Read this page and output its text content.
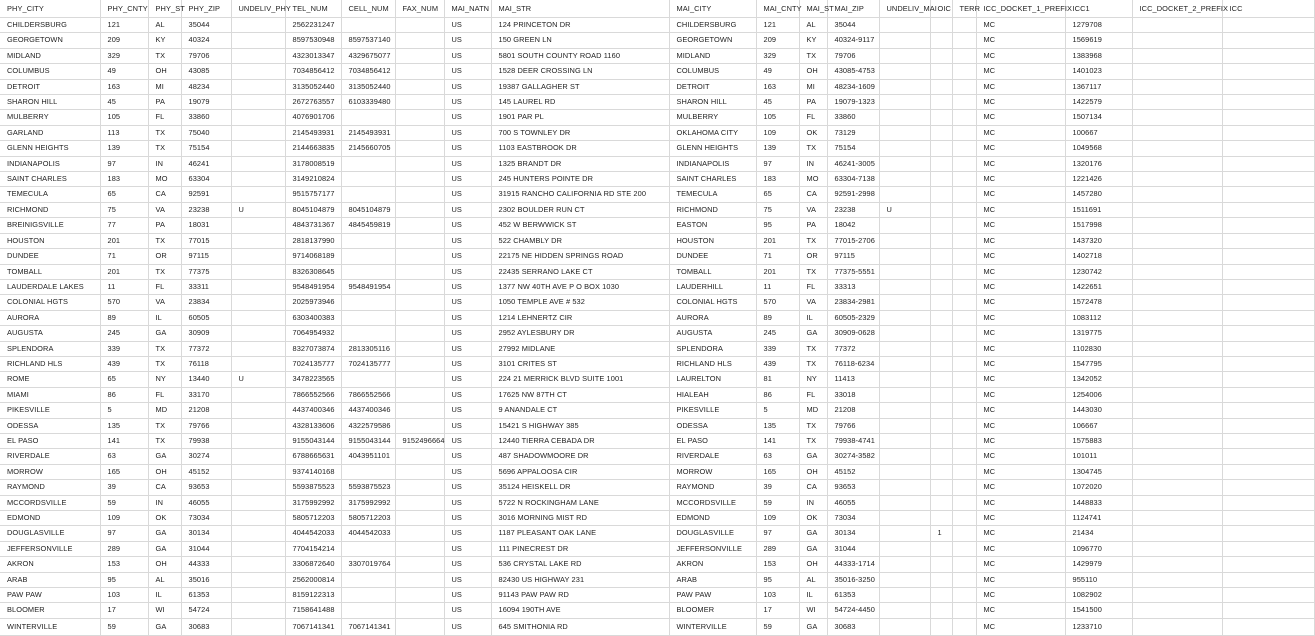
PHY_CITY	PHY_CNTY	PHY_ST	PHY_ZIP	UNDELIV_PHY	TEL_NUM	CELL_NUM	FAX_NUM	MAI_NATN	MAI_STR	MAI_CITY	MAI_CNTY	MAI_ST	MAI_ZIP	UNDELIV_MAI	OIC	TERR	ICC_DOCKET_1_PREFIX	ICC1	ICC_DOCKET_2_PREFIX	ICC
CHILDERSBURG	121	AL	35044		2562231247			US	124 PRINCETON DR	CHILDERSBURG	121	AL	35044				MC	1279708		
GEORGETOWN	209	KY	40324		8597530948	8597537140		US	150 GREEN LN	GEORGETOWN	209	KY	40324-9117				MC	1569619		
MIDLAND	329	TX	79706		4323013347	4329675077		US	5801 SOUTH COUNTY ROAD 1160	MIDLAND	329	TX	79706				MC	1383968		
COLUMBUS	49	OH	43085		7034856412	7034856412		US	1528 DEER CROSSING LN	COLUMBUS	49	OH	43085-4753				MC	1401023		
DETROIT	163	MI	48234		3135052440	3135052440		US	19387 GALLAGHER ST	DETROIT	163	MI	48234-1609				MC	1367117		
SHARON HILL	45	PA	19079		2672763557	6103339480		US	145 LAUREL RD	SHARON HILL	45	PA	19079-1323				MC	1422579		
MULBERRY	105	FL	33860		4076901706			US	1901 PAR PL	MULBERRY	105	FL	33860				MC	1507134		
GARLAND	113	TX	75040		2145493931	2145493931		US	700 S TOWNLEY DR	OKLAHOMA CITY	109	OK	73129				MC	100667		
GLENN HEIGHTS	139	TX	75154		2144663835	2145660705		US	1103 EASTBROOK DR	GLENN HEIGHTS	139	TX	75154				MC	1049568		
INDIANAPOLIS	97	IN	46241		3178008519			US	1325 BRANDT DR	INDIANAPOLIS	97	IN	46241-3005				MC	1320176		
SAINT CHARLES	183	MO	63304		3149210824			US	245 HUNTERS POINTE DR	SAINT CHARLES	183	MO	63304-7138				MC	1221426		
TEMECULA	65	CA	92591		9515757177			US	31915 RANCHO CALIFORNIA RD STE 200	TEMECULA	65	CA	92591-2998				MC	1457280		
RICHMOND	75	VA	23238	U	8045104879	8045104879		US	2302 BOULDER RUN CT	RICHMOND	75	VA	23238	U			MC	1511691		
BREINIGSVILLE	77	PA	18031		4843731367	4845459819		US	452 W BERWWICK ST	EASTON	95	PA	18042				MC	1517998		
HOUSTON	201	TX	77015		2818137990			US	522 CHAMBLY DR	HOUSTON	201	TX	77015-2706				MC	1437320		
DUNDEE	71	OR	97115		9714068189			US	22175 NE HIDDEN SPRINGS ROAD	DUNDEE	71	OR	97115				MC	1402718		
TOMBALL	201	TX	77375		8326308645			US	22435 SERRANO LAKE CT	TOMBALL	201	TX	77375-5551				MC	1230742		
LAUDERDALE LAKES	11	FL	33311		9548491954	9548491954		US	1377 NW 40TH AVE P O BOX 1030	LAUDERHILL	11	FL	33313				MC	1422651		
COLONIAL HGTS	570	VA	23834		2025973946			US	1050 TEMPLE AVE # 532	COLONIAL HGTS	570	VA	23834-2981				MC	1572478		
AURORA	89	IL	60505		6303400383			US	1214 LEHNERTZ CIR	AURORA	89	IL	60505-2329				MC	1083112		
AUGUSTA	245	GA	30909		7064954932			US	2952 AYLESBURY DR	AUGUSTA	245	GA	30909-0628				MC	1319775		
SPLENDORA	339	TX	77372		8327073874	2813305116		US	27992 MIDLANE	SPLENDORA	339	TX	77372				MC	1102830		
RICHLAND HLS	439	TX	76118		7024135777	7024135777		US	3101 CRITES ST	RICHLAND HLS	439	TX	76118-6234				MC	1547795		
ROME	65	NY	13440	U	3478223565			US	224 21 MERRICK BLVD SUITE 1001	LAURELTON	81	NY	11413				MC	1342052		
MIAMI	86	FL	33170		7866552566	7866552566		US	17625 NW 87TH CT	HIALEAH	86	FL	33018				MC	1254006		
PIKESVILLE	5	MD	21208		4437400346	4437400346		US	9 ANANDALE CT	PIKESVILLE	5	MD	21208				MC	1443030		
ODESSA	135	TX	79766		4328133606	4322579586		US	15421 S HIGHWAY 385	ODESSA	135	TX	79766				MC	106667		
EL PASO	141	TX	79938		9155043144	9155043144	9152496664	US	12440 TIERRA CEBADA DR	EL PASO	141	TX	79938-4741				MC	1575883		
RIVERDALE	63	GA	30274		6788665631	4043951101		US	487 SHADOWMOORE DR	RIVERDALE	63	GA	30274-3582				MC	101011		
MORROW	165	OH	45152		9374140168			US	5696 APPALOOSA CIR	MORROW	165	OH	45152				MC	1304745		
RAYMOND	39	CA	93653		5593875523	5593875523		US	35124 HEISKELL DR	RAYMOND	39	CA	93653				MC	1072020		
MCCORDSVILLE	59	IN	46055		3175992992	3175992992		US	5722 N ROCKINGHAM LANE	MCCORDSVILLE	59	IN	46055				MC	1448833		
EDMOND	109	OK	73034		5805712203	5805712203		US	3016 MORNING MIST RD	EDMOND	109	OK	73034				MC	1124741		
DOUGLASVILLE	97	GA	30134		4044542033	4044542033		US	1187 PLEASANT OAK LANE	DOUGLASVILLE	97	GA	30134		1		MC	21434		
JEFFERSONVILLE	289	GA	31044		7704154214			US	111 PINECREST DR	JEFFERSONVILLE	289	GA	31044				MC	1096770		
AKRON	153	OH	44333		3306872640	3307019764		US	536 CRYSTAL LAKE RD	AKRON	153	OH	44333-1714				MC	1429979		
ARAB	95	AL	35016		2562000814			US	82430 US HIGHWAY 231	ARAB	95	AL	35016-3250				MC	955110		
PAW PAW	103	IL	61353		8159122313			US	91143 PAW PAW RD	PAW PAW	103	IL	61353				MC	1082902		
BLOOMER	17	WI	54724		7158641488			US	16094 190TH AVE	BLOOMER	17	WI	54724-4450				MC	1541500		
WINTERVILLE	59	GA	30683		7067141341	7067141341		US	645 SMITHONIA RD	WINTERVILLE	59	GA	30683				MC	1233710		
